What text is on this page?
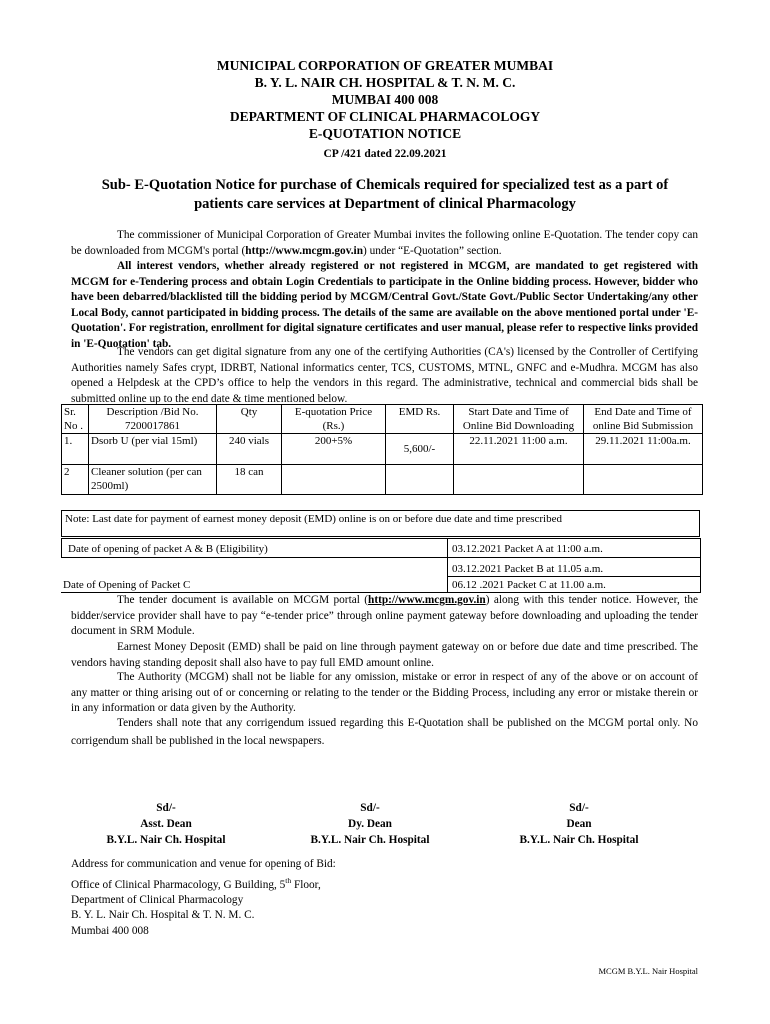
MUNICIPAL CORPORATION OF GREATER MUMBAI
B. Y. L. NAIR CH. HOSPITAL & T. N. M. C.
MUMBAI 400 008
DEPARTMENT OF CLINICAL PHARMACOLOGY
E-QUOTATION NOTICE
CP /421 dated 22.09.2021
Sub- E-Quotation Notice for purchase of Chemicals required for specialized test as a part of
patients care services at Department of clinical Pharmacology
The commissioner of Municipal Corporation of Greater Mumbai invites the following online E-Quotation. The tender copy can be downloaded from MCGM's portal (http://www.mcgm.gov.in) under “E-Quotation” section.
All interest vendors, whether already registered or not registered in MCGM, are mandated to get registered with MCGM for e-Tendering process and obtain Login Credentials to participate in the Online bidding process. However, bidder who have been debarred/blacklisted till the bidding period by MCGM/Central Govt./State Govt./Public Sector Undertaking/any other Local Body, cannot participated in bidding process. The details of the same are available on the above mentioned portal under 'E- Quotation'. For registration, enrollment for digital signature certificates and user manual, please refer to respective links provided in 'E-Quotation' tab.
The vendors can get digital signature from any one of the certifying Authorities (CA's) licensed by the Controller of Certifying Authorities namely Safes crypt, IDRBT, National informatics center, TCS, CUSTOMS, MTNL, GNFC and e-Mudhra. MCGM has also opened a Helpdesk at the CPD’s office to help the vendors in this regard. The administrative, technical and commercial bids shall be submitted online up to the end date & time mentioned below.
Sr. No .	Description /Bid No. 7200017861	Qty	E-quotation Price (Rs.)	EMD Rs.	Start Date and Time of Online Bid Downloading	End Date and Time of online Bid Submission
1.	Dsorb U (per vial 15ml)	240 vials	200+5%	5,600/-	22.11.2021 11:00 a.m.	29.11.2021 11:00a.m.
2	Cleaner solution (per can 2500ml)	18 can				
Note: Last date for payment of earnest money deposit (EMD) online is on or before due date and time prescribed
Date of opening of packet A & B (Eligibility)	03.12.2021 Packet A at 11:00 a.m.
03.12.2021 Packet B at 11.05 a.m.
Date of Opening of Packet C	06.12 .2021 Packet C at 11.00 a.m.
The tender document is available on MCGM portal (http://www.mcgm.gov.in) along with this tender notice. However, the bidder/service provider shall have to pay “e-tender price” through online payment gateway before downloading and uploading the tender document in SRM Module.
Earnest Money Deposit (EMD) shall be paid on line through payment gateway on or before due date and time prescribed. The vendors having standing deposit shall also have to pay full EMD amount online.
The Authority (MCGM) shall not be liable for any omission, mistake or error in respect of any of the above or on account of any matter or thing arising out of or concerning or relating to the tender or the Bidding Process, including any error or mistake therein or in any information or data given by the Authority.
Tenders shall note that any corrigendum issued regarding this E-Quotation shall be published on the MCGM portal only. No corrigendum shall be published in the local newspapers.
Sd/-
Asst. Dean
B.Y.L. Nair Ch. Hospital
Sd/-
Dy. Dean
B.Y.L. Nair Ch. Hospital
Sd/-
Dean
B.Y.L. Nair Ch. Hospital
Address for communication and venue for opening of Bid:
Office of Clinical Pharmacology, G Building, 5th Floor,
Department of Clinical Pharmacology
B. Y. L. Nair Ch. Hospital & T. N. M. C.
Mumbai 400 008
MCGM B.Y.L. Nair Hospital
